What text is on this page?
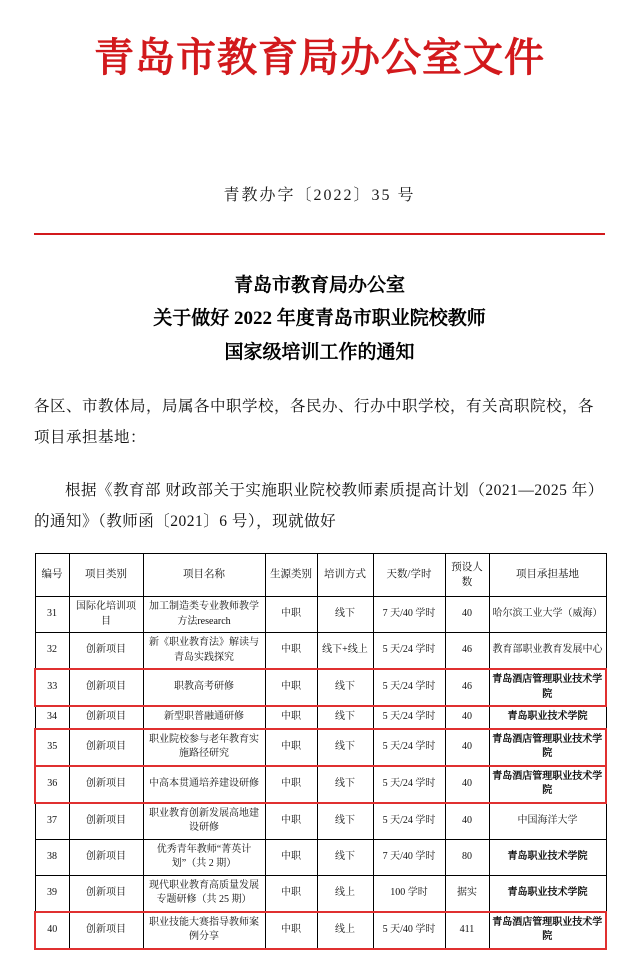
青岛市教育局办公室文件
青教办字〔2022〕35 号
青岛市教育局办公室
关于做好 2022 年度青岛市职业院校教师
国家级培训工作的通知
各区、市教体局，局属各中职学校，各民办、行办中职学校，有关高职院校，各项目承担基地：
根据《教育部 财政部关于实施职业院校教师素质提高计划（2021—2025 年）的通知》（教师函〔2021〕6 号），现就做好
编号	项目类别	项目名称	生源类别	培训方式	天数/学时	预设人数	项目承担基地
31	国际化培训项目	加工制造类专业教师教学方法research	中职	线下	7 天/40 学时	40	哈尔滨工业大学（威海）
32	创新项目	新《职业教育法》解读与青岛实践探究	中职	线下+线上	5 天/24 学时	46	教育部职业教育发展中心
33	创新项目	职教高考研修	中职	线下	5 天/24 学时	46	青岛酒店管理职业技术学院
34	创新项目	新型职普融通研修	中职	线下	5 天/24 学时	40	青岛职业技术学院
35	创新项目	职业院校参与老年教育实施路径研究	中职	线下	5 天/24 学时	40	青岛酒店管理职业技术学院
36	创新项目	中高本贯通培养建设研修	中职	线下	5 天/24 学时	40	青岛酒店管理职业技术学院
37	创新项目	职业教育创新发展高地建设研修	中职	线下	5 天/24 学时	40	中国海洋大学
38	创新项目	优秀青年教师“菁英计划”（共 2 期）	中职	线下	7 天/40 学时	80	青岛职业技术学院
39	创新项目	现代职业教育高质量发展专题研修（共 25 期）	中职	线上	100 学时	据实	青岛职业技术学院
40	创新项目	职业技能大赛指导教师案例分享	中职	线上	5 天/40 学时	411	青岛酒店管理职业技术学院
